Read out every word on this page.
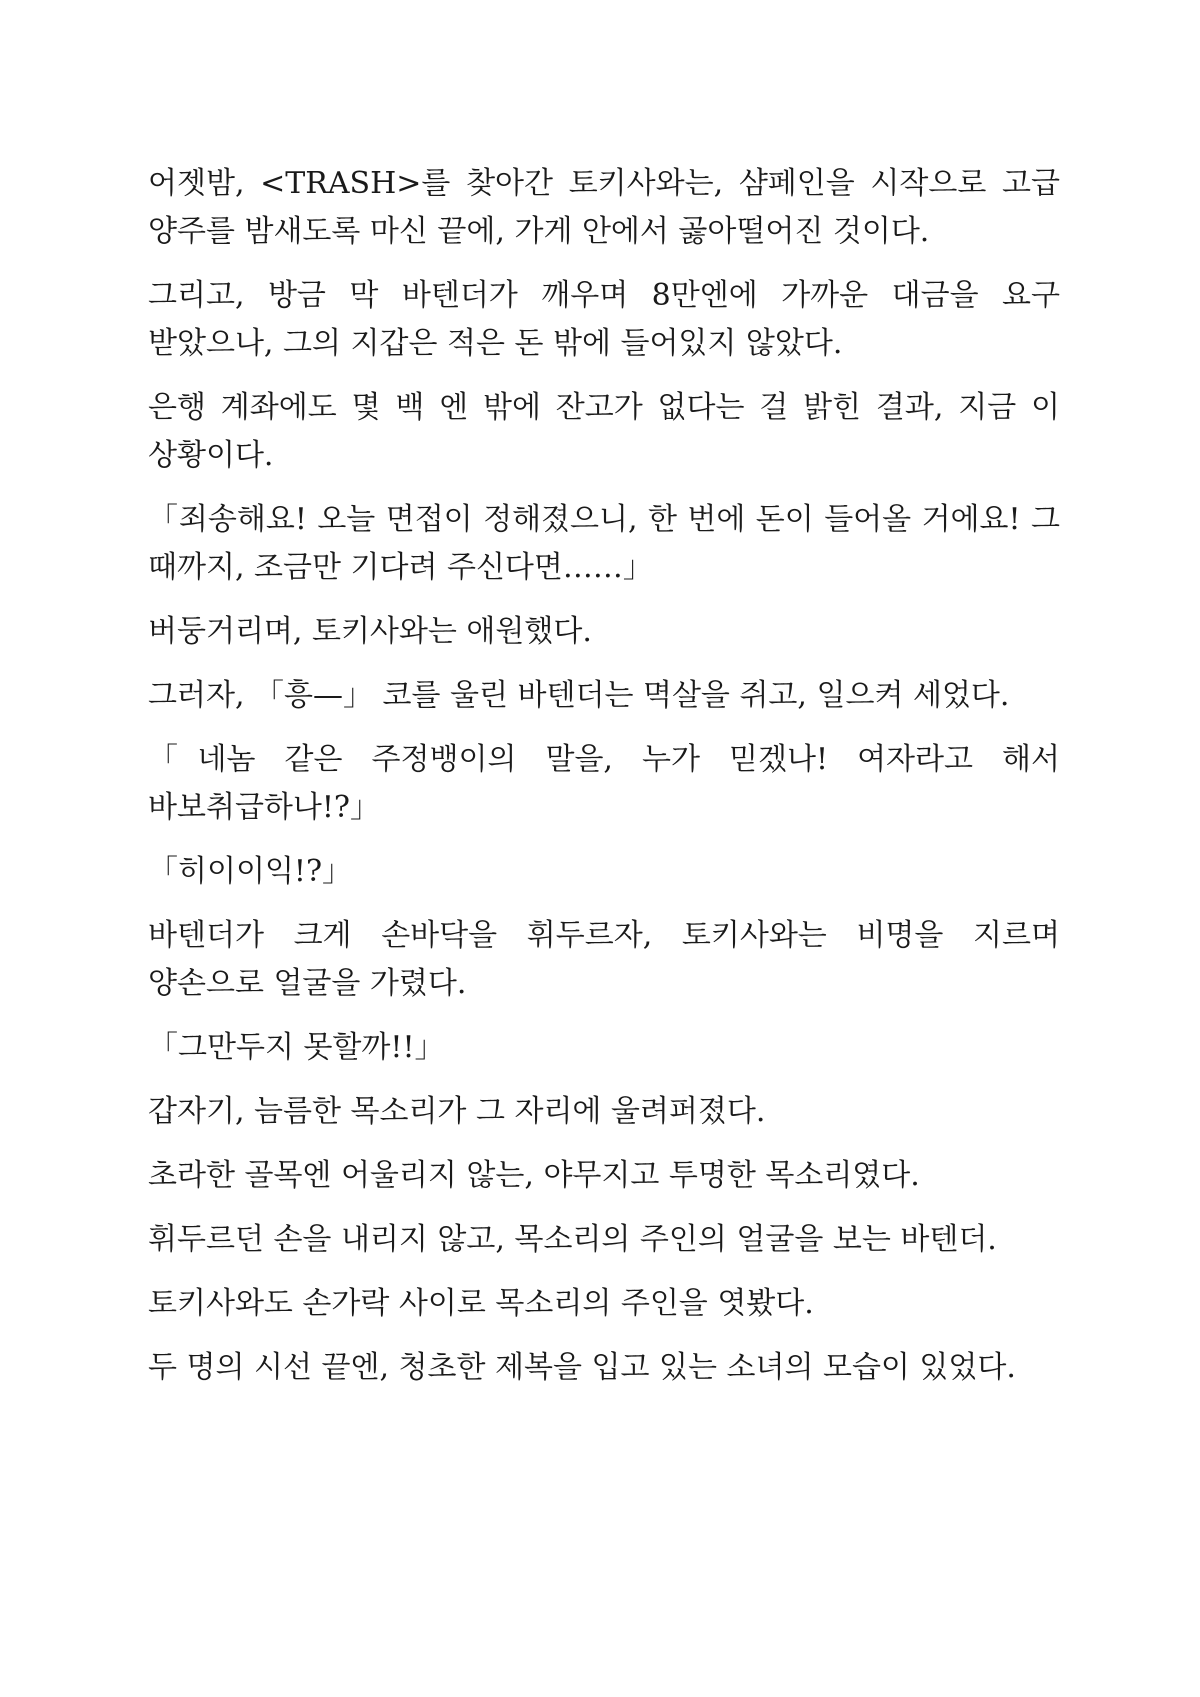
어젯밤, <TRASH>를 찾아간 토키사와는, 샴페인을 시작으로 고급 양주를 밤새도록 마신 끝에, 가게 안에서 곯아떨어진 것이다.

그리고, 방금 막 바텐더가 깨우며 8만엔에 가까운 대금을 요구 받았으나, 그의 지갑은 적은 돈 밖에 들어있지 않았다.

은행 계좌에도 몇 백 엔 밖에 잔고가 없다는 걸 밝힌 결과, 지금 이 상황이다.

「죄송해요! 오늘 면접이 정해졌으니, 한 번에 돈이 들어올 거에요! 그 때까지, 조금만 기다려 주신다면……」

버둥거리며, 토키사와는 애원했다.

그러자, 「흥—」 코를 울린 바텐더는 멱살을 쥐고, 일으켜 세었다.

「네놈 같은 주정뱅이의 말을, 누가 믿겠나! 여자라고 해서 바보취급하나!?」

「히이이익!?」

바텐더가 크게 손바닥을 휘두르자, 토키사와는 비명을 지르며 양손으로 얼굴을 가렸다.

「그만두지 못할까!!」

갑자기, 늠름한 목소리가 그 자리에 울려퍼졌다.

초라한 골목엔 어울리지 않는, 야무지고 투명한 목소리였다.

휘두르던 손을 내리지 않고, 목소리의 주인의 얼굴을 보는 바텐더.

토키사와도 손가락 사이로 목소리의 주인을 엿봤다.

두 명의 시선 끝엔, 청초한 제복을 입고 있는 소녀의 모습이 있었다.
